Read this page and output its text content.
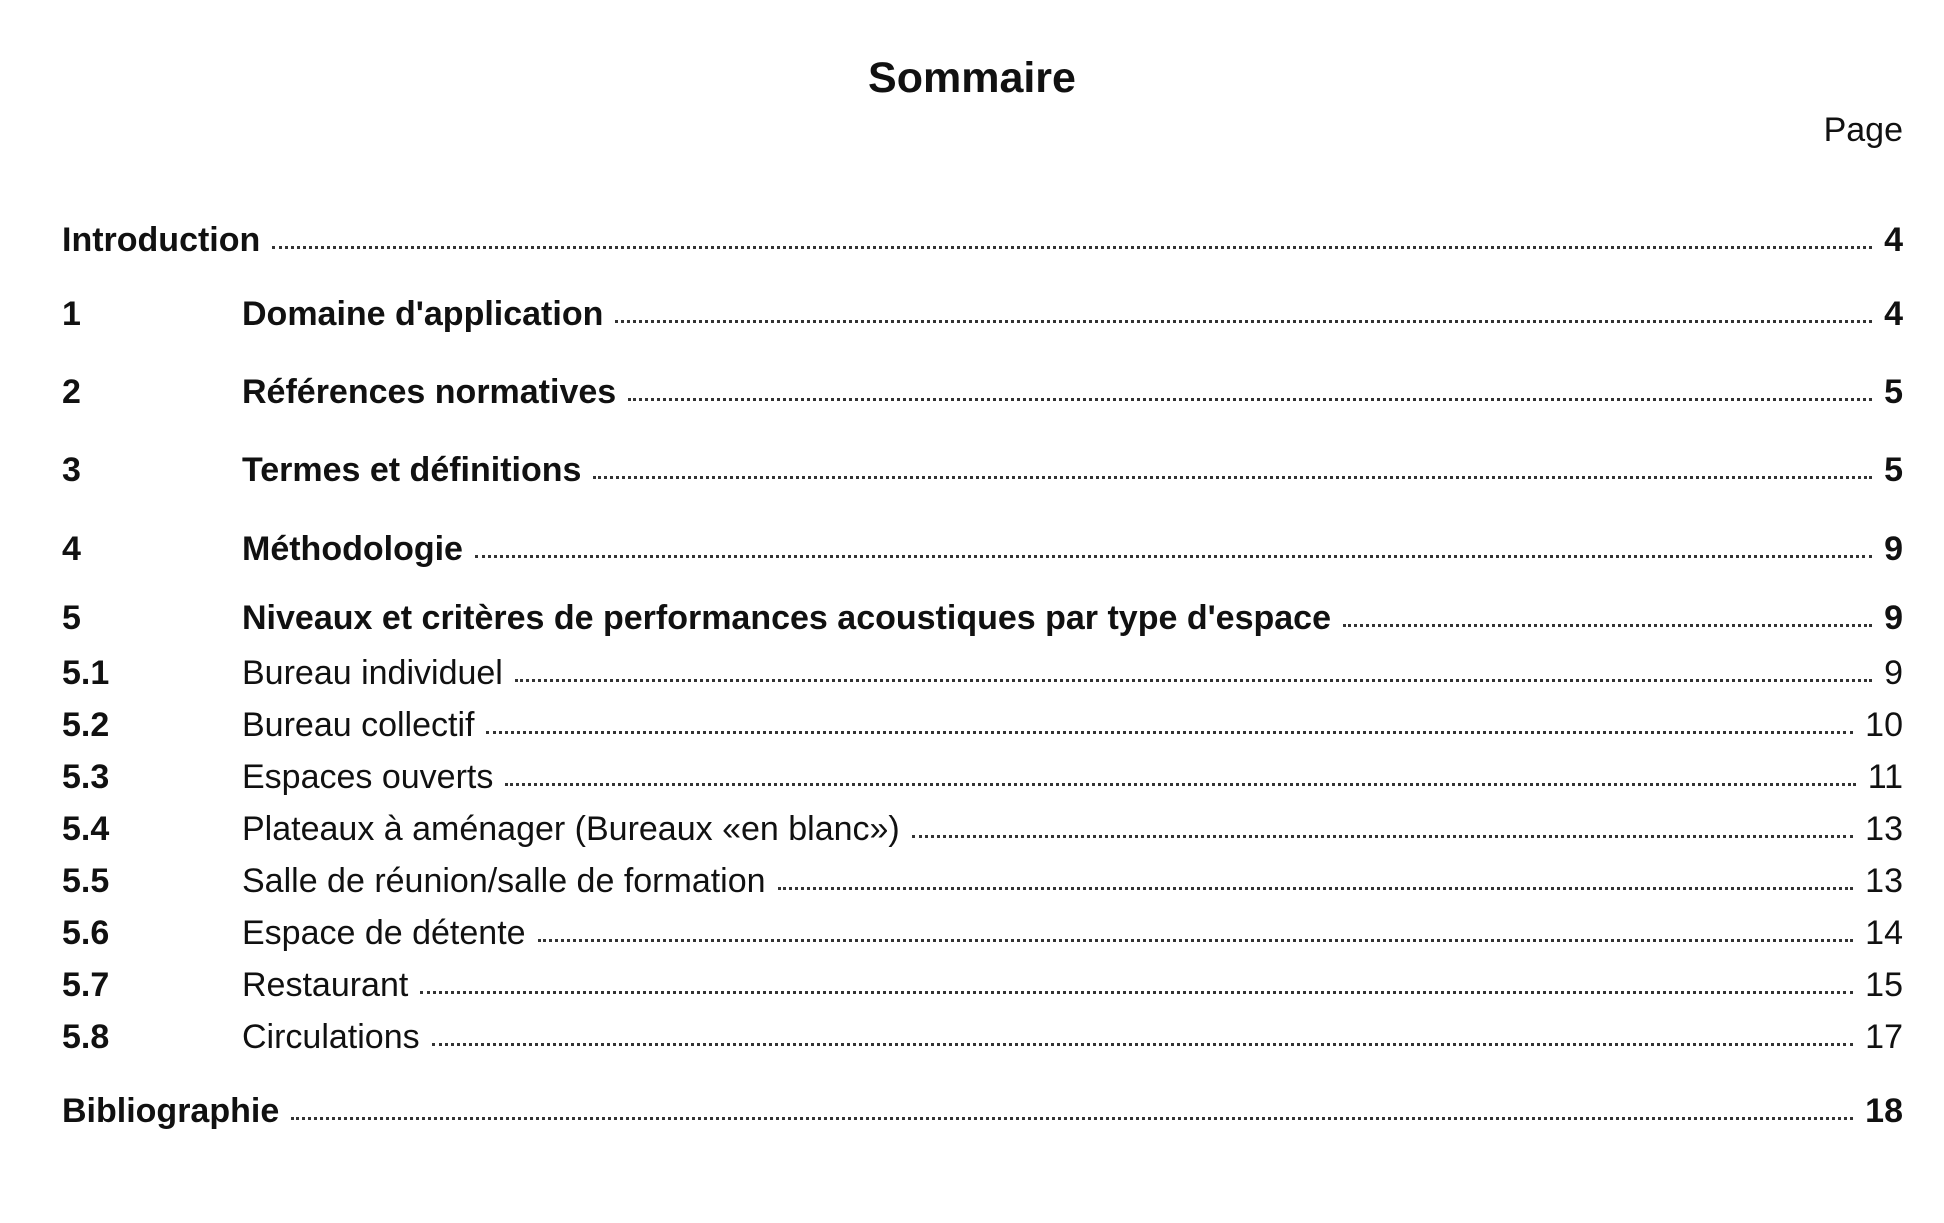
Sommaire
Page
Introduction	4
1	Domaine d'application	4
2	Références normatives	5
3	Termes et définitions	5
4	Méthodologie	9
5	Niveaux et critères de performances acoustiques par type d'espace	9
5.1	Bureau individuel	9
5.2	Bureau collectif	10
5.3	Espaces ouverts	11
5.4	Plateaux à aménager (Bureaux «en blanc»)	13
5.5	Salle de réunion/salle de formation	13
5.6	Espace de détente	14
5.7	Restaurant	15
5.8	Circulations	17
Bibliographie	18
